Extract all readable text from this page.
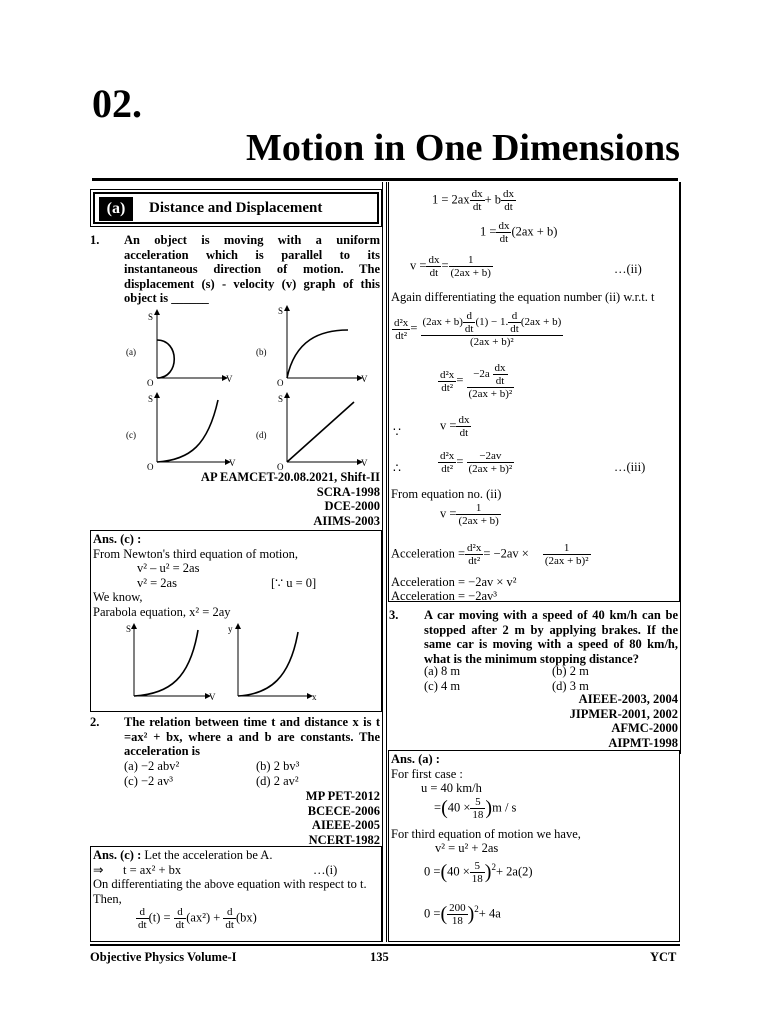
02.
Motion in One Dimensions
(a)	Distance and Displacement
1. An object is moving with a uniform acceleration which is parallel to its instantaneous direction of motion. The displacement (s) - velocity (v) graph of this object is ______
(a)
S
V
O
(b)
S
V
O
(c)
S
V
O
(d)
S
V
O
AP EAMCET-20.08.2021, Shift-II
SCRA-1998
DCE-2000
AIIMS-2003
Ans. (c) :
From Newton's third equation of motion,
v² – u² = 2as
v² = 2as	[∵ u = 0]
We know,
Parabola equation, x² = 2ay
S
V
y
x
2. The relation between time t and distance x is t =ax² + bx, where a and b are constants. The acceleration is
(a) −2 abv²	(b) 2 bv³
(c) −2 av³	(d) 2 av²
MP PET-2012
BCECE-2006
AIEEE-2005
NCERT-1982
Ans. (c) : Let the acceleration be A.
⇒ t = ax² + bx	…(i)
On differentiating the above equation with respect to t.
Then,
$\frac{d}{dt} (t) = \frac{d}{dt} (ax^2) + \frac{d}{dt} (bx)$
$1 = 2ax \frac{dx}{dt} + b \frac{dx}{dt}$
$1 = \frac{dx}{dt} (2ax + b)$
$v = \frac{dx}{dt} = \frac{1}{(2ax + b)}$	…(ii)
Again differentiating the equation number (ii) w.r.t. t
$\frac{\text{d²x}}{\text{dt²}} = \frac{(2ax + b) \frac{d}{dt} (1) - 1. \frac{d}{dt} (2ax + b)}{\text{(2ax + b)²}}$
$\frac{\text{d²x}}{\text{dt²}} = \frac{-2a \frac{dx}{dt}}{\text{(2ax + b)²}}$
∵	$v = \frac{dx}{dt}$
∴	$\frac{\text{d²x}}{\text{dt²}} = \frac{-2av}{\text{(2ax + b)²}}$	…(iii)
From equation no. (ii)
$v = \frac{1}{(2ax + b)}$
Acceleration = $\frac{\text{d²x}}{\text{dt²}} = -2av \times \frac{1}{\text{(2ax + b)²}}$
Acceleration = −2av × v²
Acceleration = −2av³
3. A car moving with a speed of 40 km/h can be stopped after 2 m by applying brakes. If the same car is moving with a speed of 80 km/h, what is the minimum stopping distance?
(a) 8 m	(b) 2 m
(c) 4 m	(d) 3 m
AIEEE-2003, 2004
JIPMER-2001, 2002
AFMC-2000
AIPMT-1998
Ans. (a) :
For first case :
u = 40 km/h
$=(40 \times \frac{5}{18} )m / s$
For third equation of motion we have,
v² = u² + 2as
$0 =(40 \times \frac{5}{18} )^2+ 2a(2)$
0 =( $\frac{200}{18} )^2+ 4a$
Objective Physics Volume-I	135	YCT
